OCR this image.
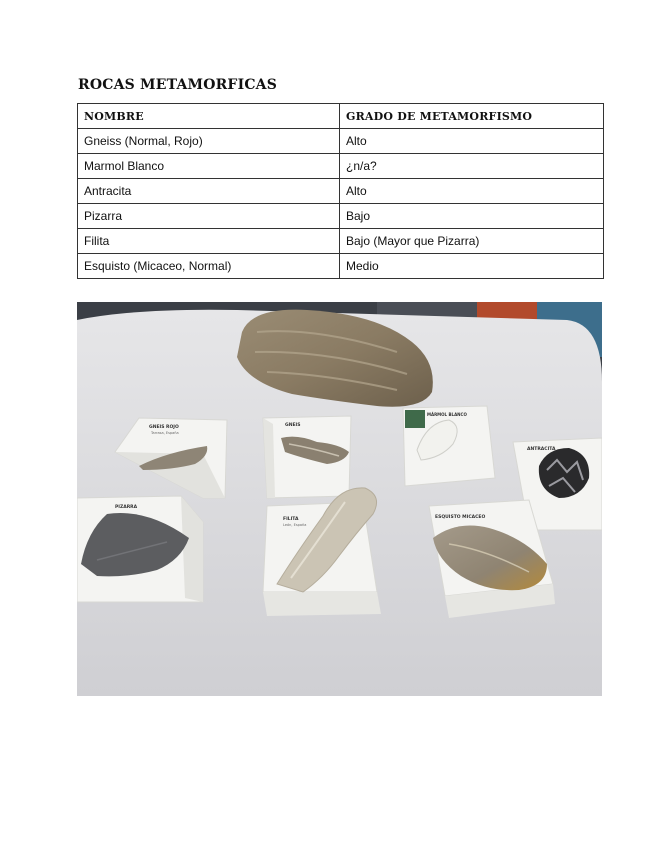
ROCAS METAMORFICAS
NOMBRE	GRADO DE METAMORFISMO
Gneiss (Normal, Rojo)	Alto
Marmol Blanco	¿n/a?
Antracita	Alto
Pizarra	Bajo
Filita	Bajo (Mayor que Pizarra)
Esquisto (Micaceo, Normal)	Medio
GNEIS ROJO
Tarrasa, España
GNEIS
MÁRMOL BLANCO
ANTRACITA
PIZARRA
FILITA
León, España
ESQUISTO MICACEO
